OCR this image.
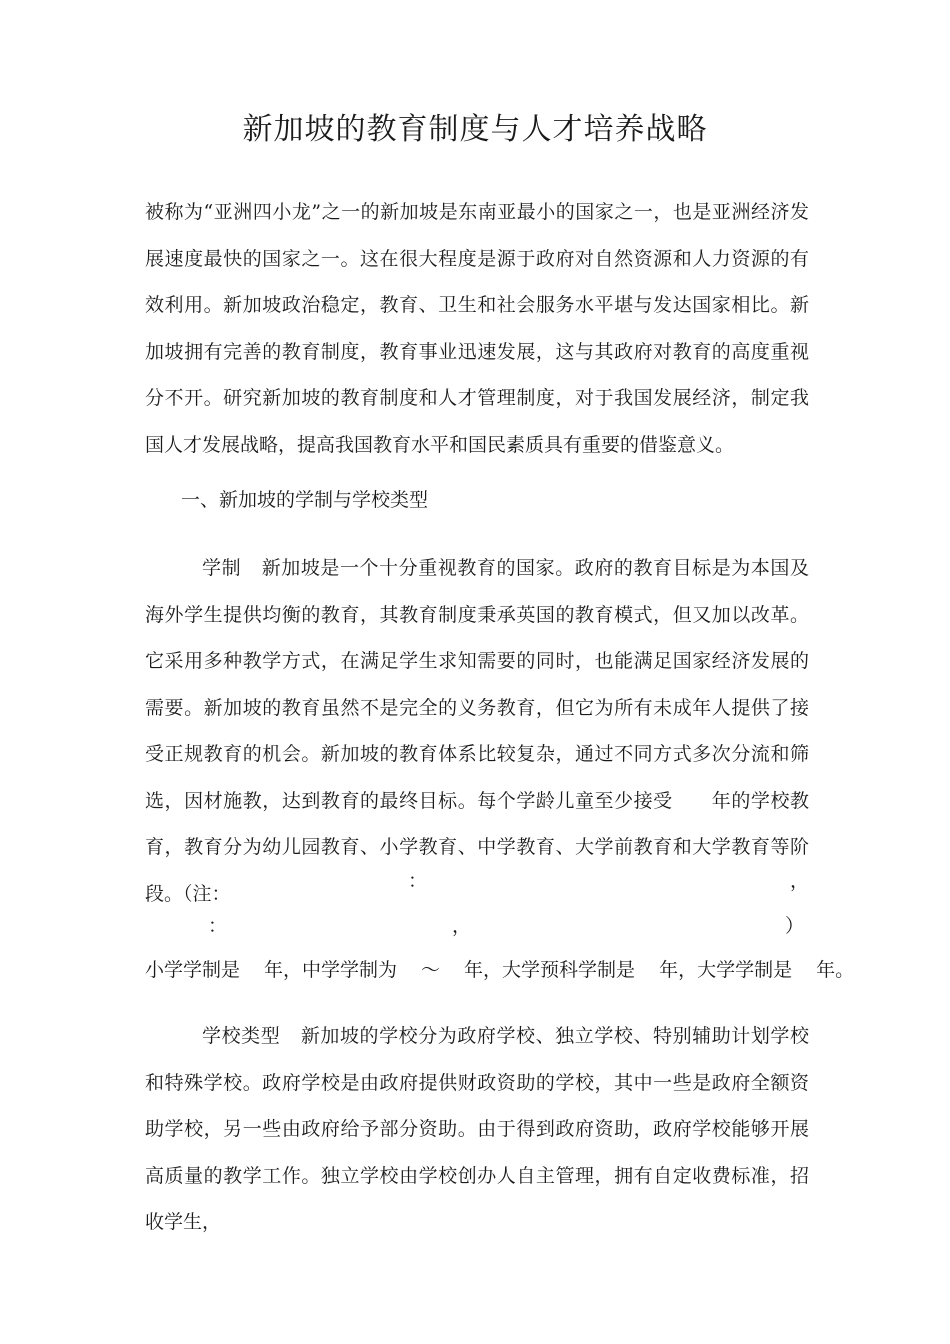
新加坡的教育制度与人才培养战略

被称为“亚洲四小龙”之一的新加坡是东南亚最小的国家之一，也是亚洲经济发展速度最快的国家之一。这在很大程度是源于政府对自然资源和人力资源的有效利用。新加坡政治稳定，教育、卫生和社会服务水平堪与发达国家相比。新加坡拥有完善的教育制度，教育事业迅速发展，这与其政府对教育的高度重视分不开。研究新加坡的教育制度和人才管理制度，对于我国发展经济，制定我国人才发展战略，提高我国教育水平和国民素质具有重要的借鉴意义。

一、新加坡的学制与学校类型

学制 新加坡是一个十分重视教育的国家。政府的教育目标是为本国及海外学生提供均衡的教育，其教育制度秉承英国的教育模式，但又加以改革。它采用多种教学方式，在满足学生求知需要的同时，也能满足国家经济发展的需要。新加坡的教育虽然不是完全的义务教育，但它为所有未成年人提供了接受正规教育的机会。新加坡的教育体系比较复杂，通过不同方式多次分流和筛选，因材施教，达到教育的最终目标。每个学龄儿童至少接受　　年的学校教育，教育分为幼儿园教育、小学教育、中学教育、大学前教育和大学教育等阶段。（注：

：	，
：	，	）
小学学制是 年，中学学制为 ～ 年，大学预科学制是 年，大学学制是 年。

学校类型 新加坡的学校分为政府学校、独立学校、特别辅助计划学校和特殊学校。政府学校是由政府提供财政资助的学校，其中一些是政府全额资助学校，另一些由政府给予部分资助。由于得到政府资助，政府学校能够开展高质量的教学工作。独立学校由学校创办人自主管理，拥有自定收费标准，招收学生，
